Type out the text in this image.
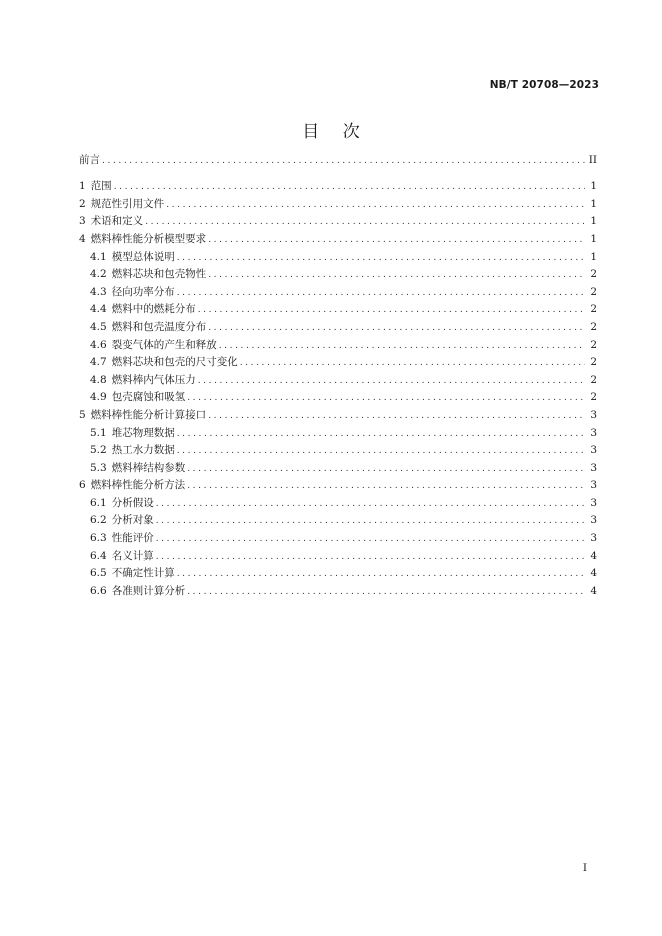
NB/T 20708—2023
目 次
前言 .....	II
1 范围 .....	1
2 规范性引用文件 .....	1
3 术语和定义 .....	1
4 燃料棒性能分析模型要求 .....	1
4.1 模型总体说明 .....	1
4.2 燃料芯块和包壳物性 .....	2
4.3 径向功率分布 .....	2
4.4 燃料中的燃耗分布 .....	2
4.5 燃料和包壳温度分布 .....	2
4.6 裂变气体的产生和释放 .....	2
4.7 燃料芯块和包壳的尺寸变化 .....	2
4.8 燃料棒内气体压力 .....	2
4.9 包壳腐蚀和吸氢 .....	2
5 燃料棒性能分析计算接口 .....	3
5.1 堆芯物理数据 .....	3
5.2 热工水力数据 .....	3
5.3 燃料棒结构参数 .....	3
6 燃料棒性能分析方法 .....	3
6.1 分析假设 .....	3
6.2 分析对象 .....	3
6.3 性能评价 .....	3
6.4 名义计算 .....	4
6.5 不确定性计算 .....	4
6.6 各准则计算分析 .....	4
I
